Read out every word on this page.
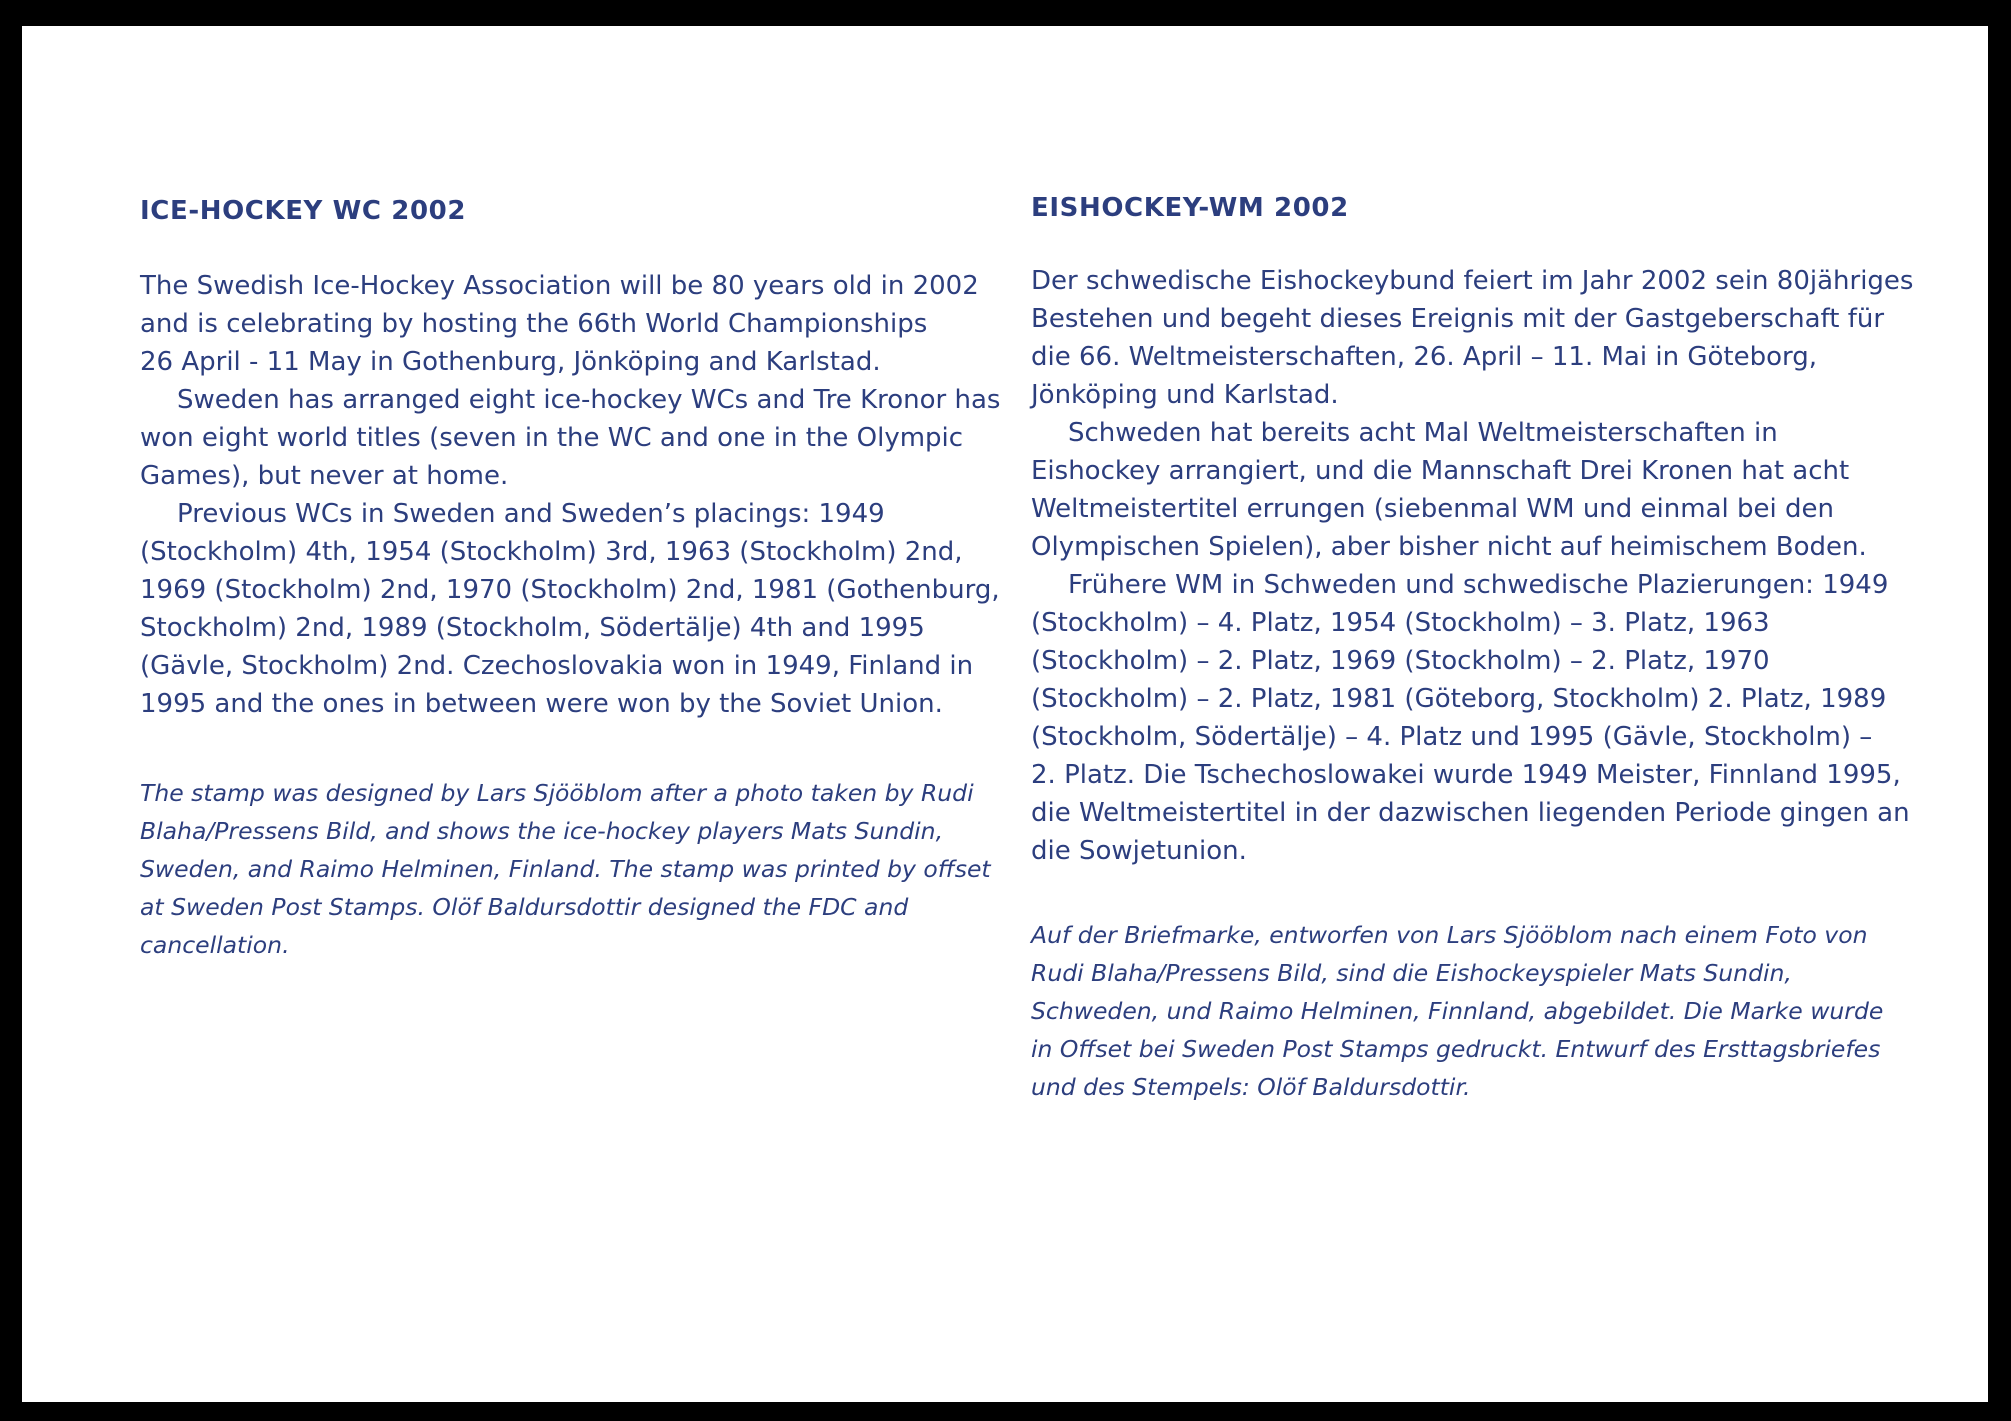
ICE-HOCKEY WC 2002

The Swedish Ice-Hockey Association will be 80 years old in 2002

and is celebrating by hosting the 66th World Championships

26 April - 11 May in Gothenburg, Jönköping and Karlstad.

Sweden has arranged eight ice-hockey WCs and Tre Kronor has

won eight world titles (seven in the WC and one in the Olympic

Games), but never at home.

Previous WCs in Sweden and Sweden’s placings: 1949

(Stockholm) 4th, 1954 (Stockholm) 3rd, 1963 (Stockholm) 2nd,

1969 (Stockholm) 2nd, 1970 (Stockholm) 2nd, 1981 (Gothenburg,

Stockholm) 2nd, 1989 (Stockholm, Södertälje) 4th and 1995

(Gävle, Stockholm) 2nd. Czechoslovakia won in 1949, Finland in

1995 and the ones in between were won by the Soviet Union.

The stamp was designed by Lars Sjööblom after a photo taken by Rudi

Blaha/Pressens Bild, and shows the ice-hockey players Mats Sundin,

Sweden, and Raimo Helminen, Finland. The stamp was printed by offset

at Sweden Post Stamps. Olöf Baldursdottir designed the FDC and

cancellation.

EISHOCKEY-WM 2002

Der schwedische Eishockeybund feiert im Jahr 2002 sein 80jähriges

Bestehen und begeht dieses Ereignis mit der Gastgeberschaft für

die 66. Weltmeisterschaften, 26. April – 11. Mai in Göteborg,

Jönköping und Karlstad.

Schweden hat bereits acht Mal Weltmeisterschaften in

Eishockey arrangiert, und die Mannschaft Drei Kronen hat acht

Weltmeistertitel errungen (siebenmal WM und einmal bei den

Olympischen Spielen), aber bisher nicht auf heimischem Boden.

Frühere WM in Schweden und schwedische Plazierungen: 1949

(Stockholm) – 4. Platz, 1954 (Stockholm) – 3. Platz, 1963

(Stockholm) – 2. Platz, 1969 (Stockholm) – 2. Platz, 1970

(Stockholm) – 2. Platz, 1981 (Göteborg, Stockholm) 2. Platz, 1989

(Stockholm, Södertälje) – 4. Platz und 1995 (Gävle, Stockholm) –

2. Platz. Die Tschechoslowakei wurde 1949 Meister, Finnland 1995,

die Weltmeistertitel in der dazwischen liegenden Periode gingen an

die Sowjetunion.

Auf der Briefmarke, entworfen von Lars Sjööblom nach einem Foto von

Rudi Blaha/Pressens Bild, sind die Eishockeyspieler Mats Sundin,

Schweden, und Raimo Helminen, Finnland, abgebildet. Die Marke wurde

in Offset bei Sweden Post Stamps gedruckt. Entwurf des Ersttagsbriefes

und des Stempels: Olöf Baldursdottir.
